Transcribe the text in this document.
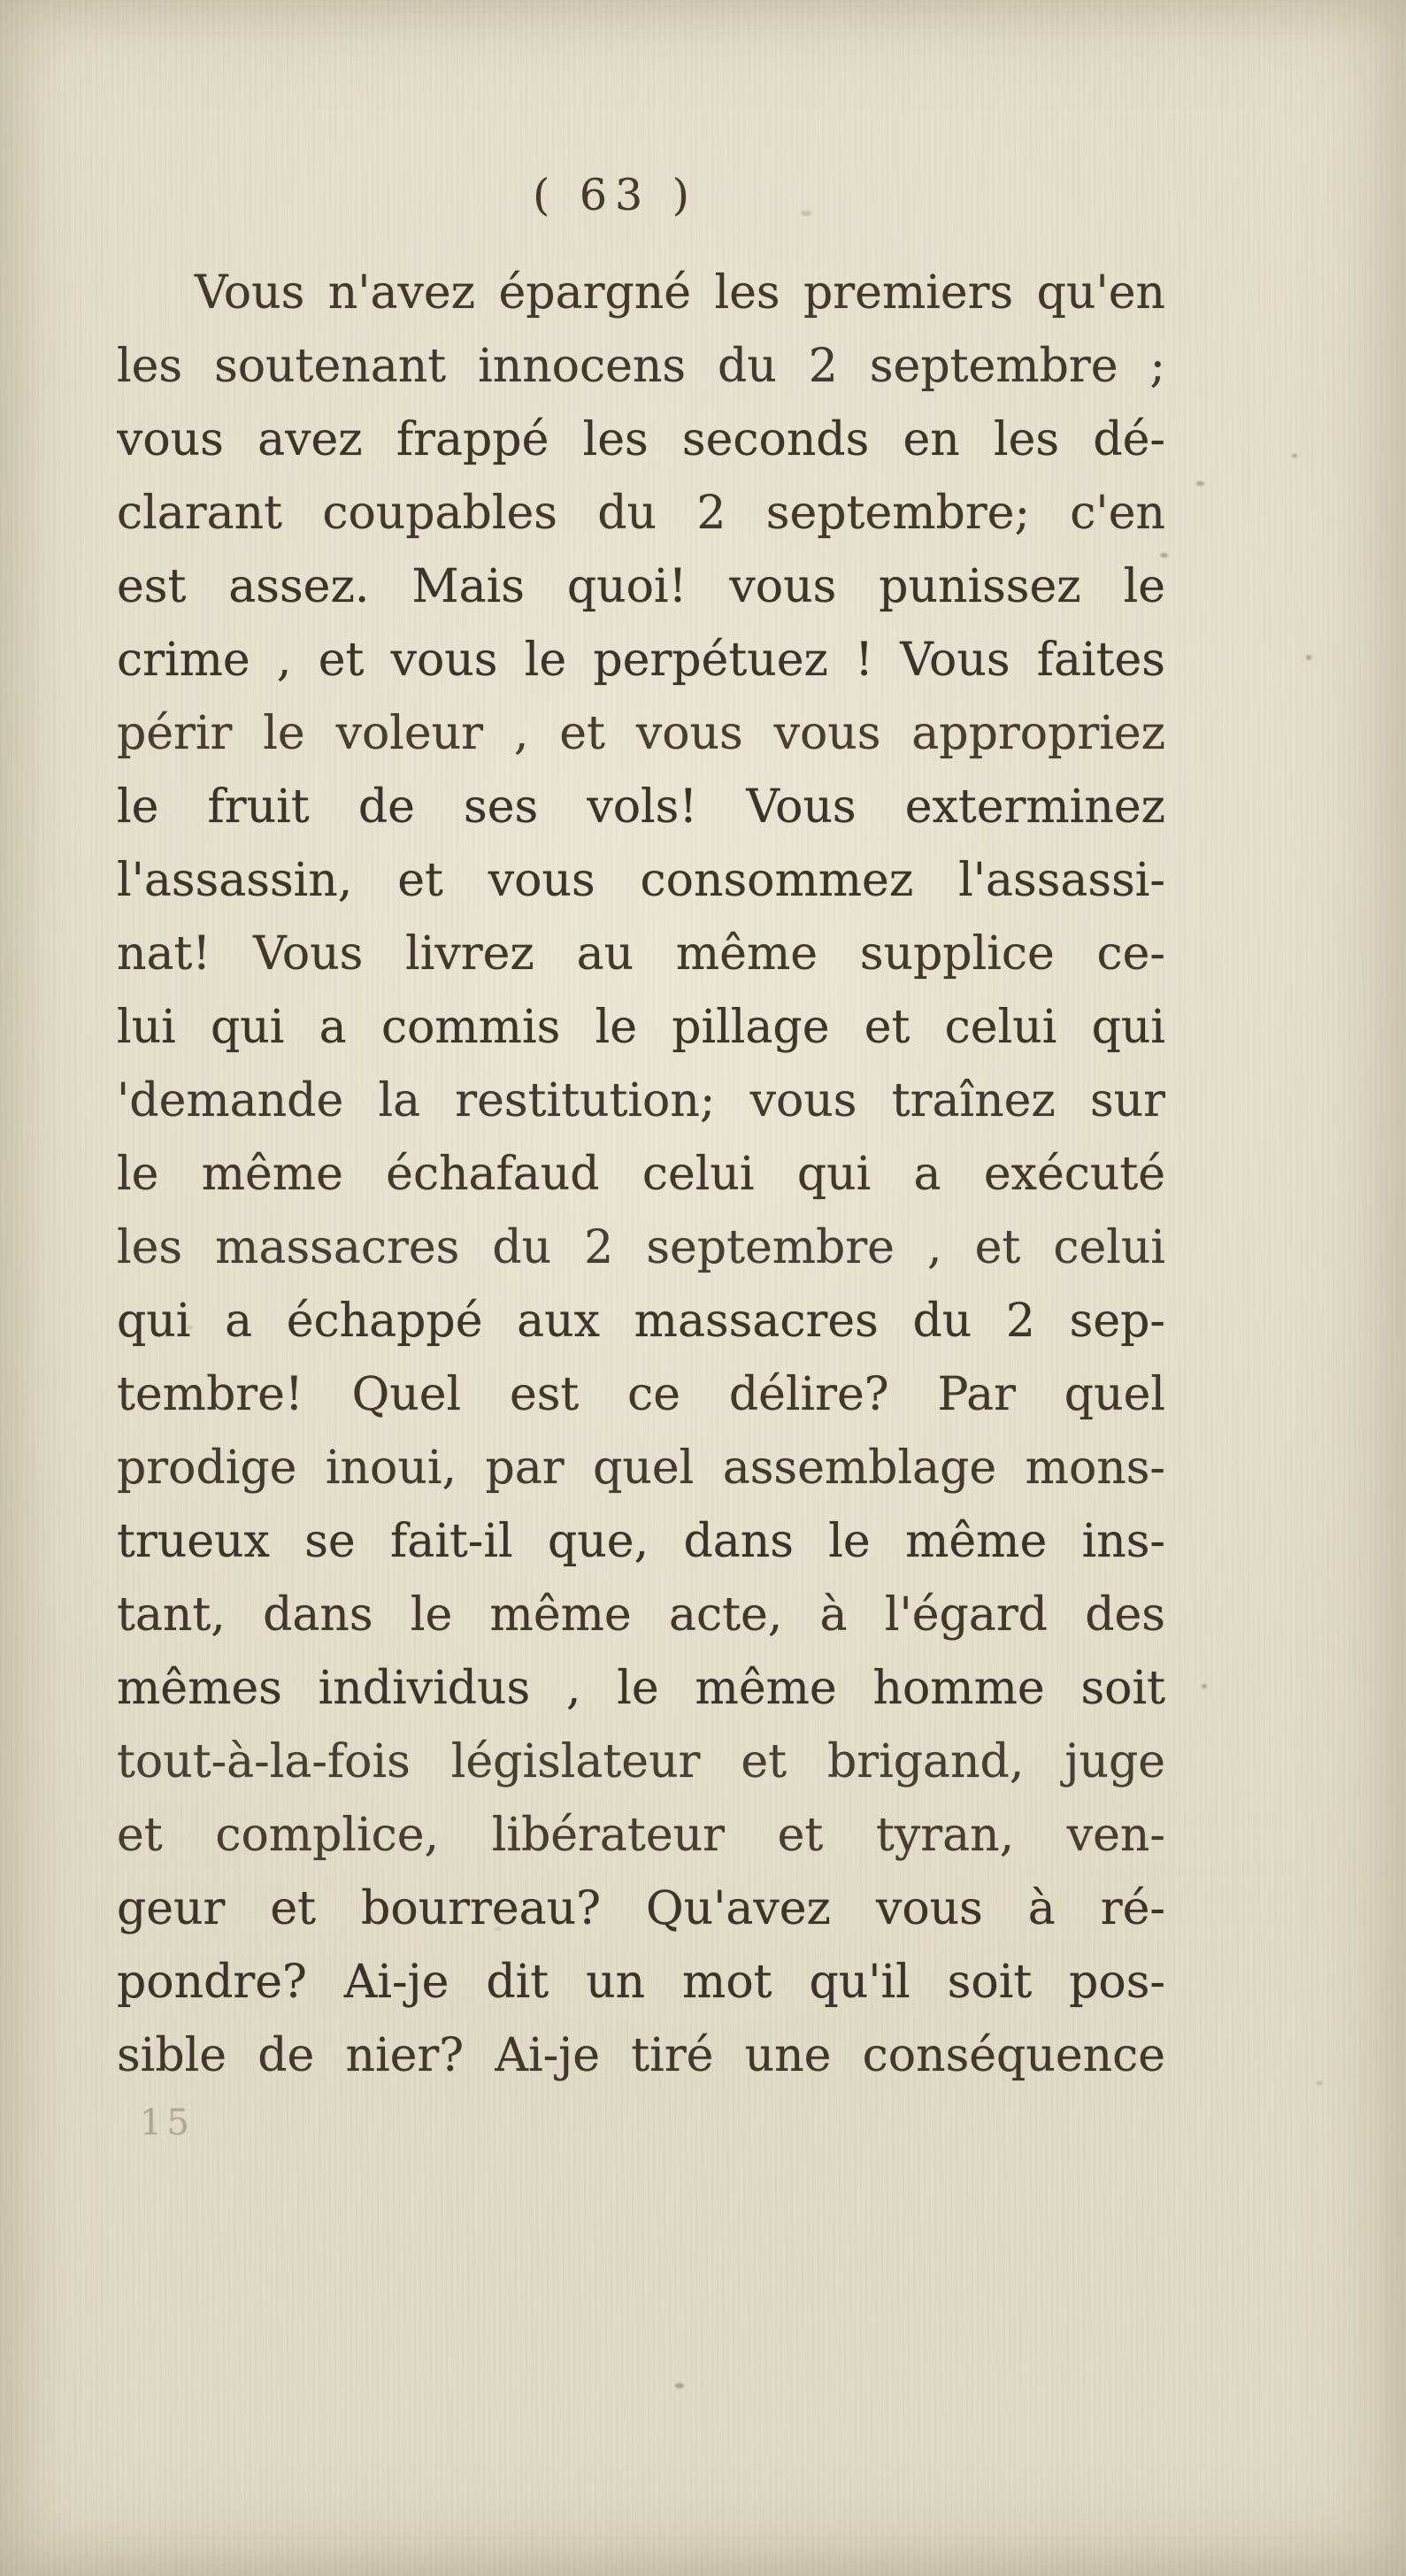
( 63 )
Vous n'avez épargné les premiers qu'en
les soutenant innocens du 2 septembre ;
vous avez frappé les seconds en les dé-
clarant coupables du 2 septembre; c'en
est assez. Mais quoi! vous punissez le
crime , et vous le perpétuez ! Vous faites
périr le voleur , et vous vous appropriez
le fruit de ses vols! Vous exterminez
l'assassin, et vous consommez l'assassi-
nat! Vous livrez au même supplice ce-
lui qui a commis le pillage et celui qui
'demande la restitution; vous traînez sur
le même échafaud celui qui a exécuté
les massacres du 2 septembre , et celui
qui a échappé aux massacres du 2 sep-
tembre! Quel est ce délire? Par quel
prodige inoui, par quel assemblage mons-
trueux se fait-il que, dans le même ins-
tant, dans le même acte, à l'égard des
mêmes individus , le même homme soit
tout-à-la-fois législateur et brigand, juge
et complice, libérateur et tyran, ven-
geur et bourreau? Qu'avez vous à ré-
pondre? Ai-je dit un mot qu'il soit pos-
sible de nier? Ai-je tiré une conséquence
15
